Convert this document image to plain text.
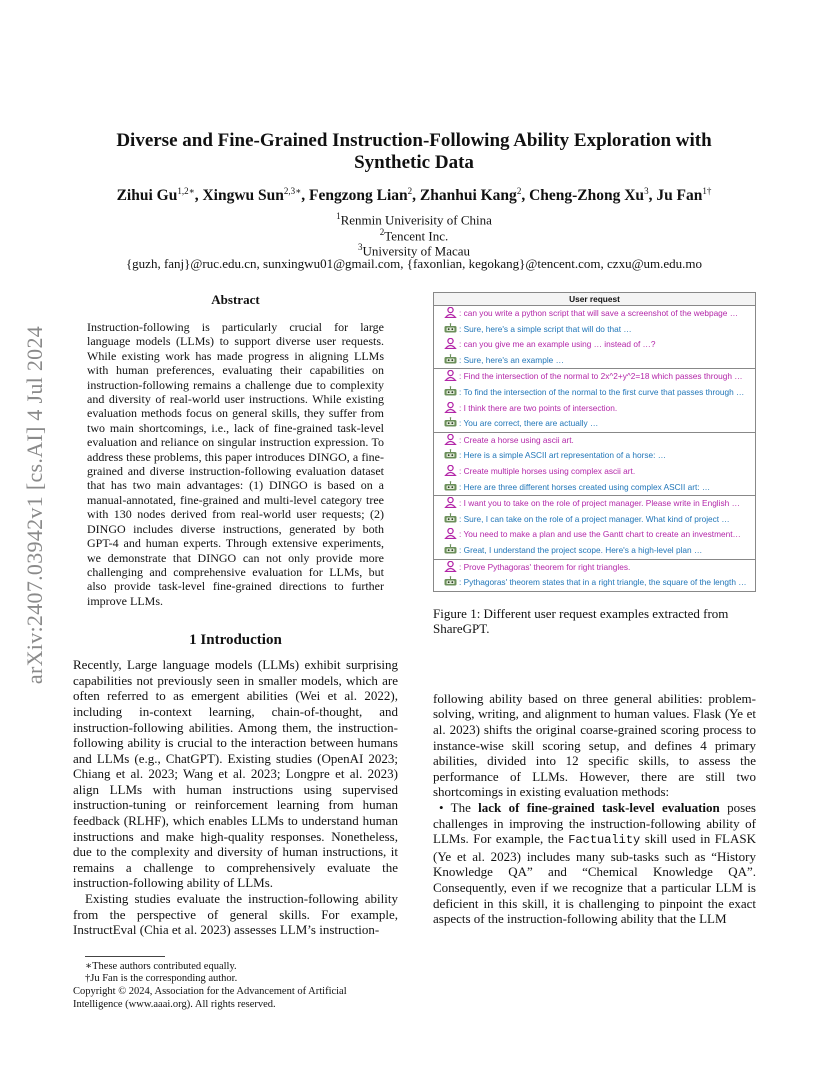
arXiv:2407.03942v1 [cs.AI] 4 Jul 2024
Diverse and Fine-Grained Instruction-Following Ability Exploration with Synthetic Data
Zihui $Gu^{1,2∗}$, Xingwu Sun$^{2,3∗}$, Fengzong Lian$^2$, Zhanhui Kang$^2$, Cheng-Zhong Xu$^3$, Ju Fan$^{1\dagger}$
$^1$Renmin Univerisity of China
$^2$Tencent Inc.
$^3$University of Macau
{guzh, fanj}@ruc.edu.cn, sunxingwu01@gmail.com, {faxonlian, kegokang}@tencent.com, czxu@um.edu.mo
Abstract

Instruction-following is particularly crucial for large language models (LLMs) to support diverse user requests. While existing work has made progress in aligning LLMs with human preferences, evaluating their capabilities on instruction-following remains a challenge due to complexity and diversity of real-world user instructions. While existing evaluation methods focus on general skills, they suffer from two main shortcomings, i.e., lack of fine-grained task-level evaluation and reliance on singular instruction expression. To address these problems, this paper introduces DINGO, a fine-grained and diverse instruction-following evaluation dataset that has two main advantages: (1) DINGO is based on a manual-annotated, fine-grained and multi-level category tree with 130 nodes derived from real-world user requests; (2) DINGO includes diverse instructions, generated by both GPT-4 and human experts. Through extensive experiments, we demonstrate that DINGO can not only provide more challenging and comprehensive evaluation for LLMs, but also provide task-level fine-grained directions to further improve LLMs.

1 Introduction

Recently, Large language models (LLMs) exhibit surprising capabilities not previously seen in smaller models, which are often referred to as emergent abilities (Wei et al. 2022), including in-context learning, chain-of-thought, and instruction-following abilities. Among them, the instruction-following ability is crucial to the interaction between humans and LLMs (e.g., ChatGPT). Existing studies (OpenAI 2023; Chiang et al. 2023; Wang et al. 2023; Longpre et al. 2023) align LLMs with human instructions using supervised instruction-tuning or reinforcement learning from human feedback (RLHF), which enables LLMs to understand human instructions and make high-quality responses. Nonetheless, due to the complexity and diversity of human instructions, it remains a challenge to comprehensively evaluate the instruction-following ability of LLMs.

Existing studies evaluate the instruction-following ability from the perspective of general skills. For example, InstructEval (Chia et al. 2023) assesses LLM’s instruction-

∗These authors contributed equally.

†Ju Fan is the corresponding author.

Copyright © 2024, Association for the Advancement of Artificial Intelligence (www.aaai.org). All rights reserved.

User request
: can you write a python script that will save a screenshot of the webpage …
: Sure, here's a simple script that will do that …
: can you give me an example using … instead of …?
: Sure, here's an example …
: Find the intersection of the normal to 2x^2+y^2=18 which passes through …
: To find the intersection of the normal to the first curve that passes through …
: I think there are two points of intersection.
: You are correct, there are actually …
: Create a horse using ascii art.
: Here is a simple ASCII art representation of a horse: …
: Create multiple horses using complex ascii art.
: Here are three different horses created using complex ASCII art: …
: I want you to take on the role of project manager. Please write in English …
: Sure, I can take on the role of a project manager. What kind of project …
: You need to make a plan and use the Gantt chart to create an investment…
: Great, I understand the project scope. Here's a high-level plan …
: Prove Pythagoras' theorem for right triangles.
: Pythagoras' theorem states that in a right triangle, the square of the length …

Figure 1: Different user request examples extracted from ShareGPT.

following ability based on three general abilities: problem-solving, writing, and alignment to human values. Flask (Ye et al. 2023) shifts the original coarse-grained scoring process to instance-wise skill scoring setup, and defines 4 primary abilities, divided into 12 specific skills, to assess the performance of LLMs. However, there are still two shortcomings in existing evaluation methods:

• The lack of fine-grained task-level evaluation poses challenges in improving the instruction-following ability of LLMs. For example, the Factuality skill used in FLASK (Ye et al. 2023) includes many sub-tasks such as “History Knowledge QA” and “Chemical Knowledge QA”. Consequently, even if we recognize that a particular LLM is deficient in this skill, it is challenging to pinpoint the exact aspects of the instruction-following ability that the LLM
